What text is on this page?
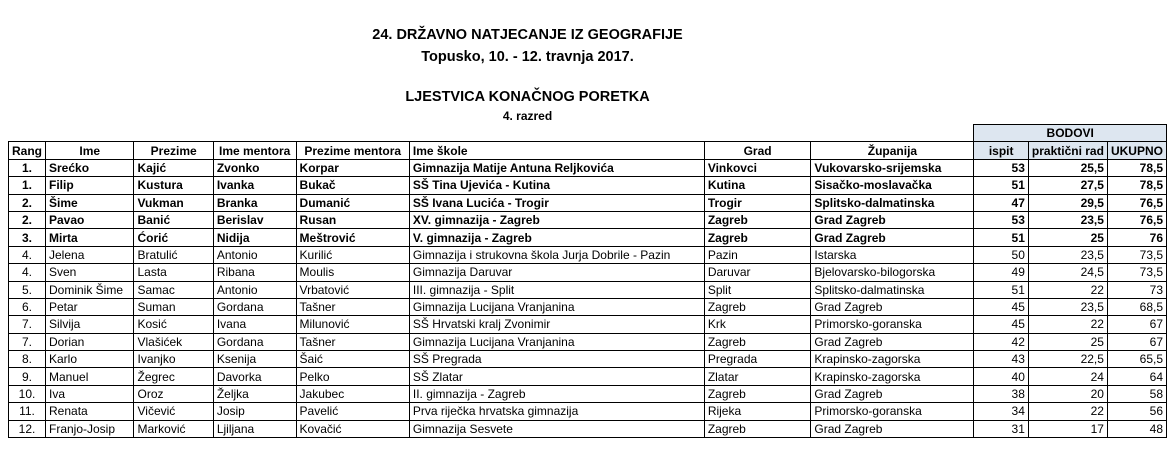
24. DRŽAVNO NATJECANJE IZ GEOGRAFIJE
Topusko, 10. - 12. travnja 2017.
LJESTVICA KONAČNOG PORETKA
4. razred
								BODOVI		
Rang	Ime	Prezime	Ime mentora	Prezime mentora	Ime škole	Grad	Županija	ispit	praktični rad	UKUPNO
1.	Srećko	Kajić	Zvonko	Korpar	Gimnazija Matije Antuna Reljkovića	Vinkovci	Vukovarsko-srijemska	53	25,5	78,5
1.	Filip	Kustura	Ivanka	Bukač	SŠ Tina Ujevića - Kutina	Kutina	Sisačko-moslavačka	51	27,5	78,5
2.	Šime	Vukman	Branka	Dumanić	SŠ Ivana Lucića - Trogir	Trogir	Splitsko-dalmatinska	47	29,5	76,5
2.	Pavao	Banić	Berislav	Rusan	XV. gimnazija - Zagreb	Zagreb	Grad Zagreb	53	23,5	76,5
3.	Mirta	Ćorić	Nidija	Meštrović	V. gimnazija - Zagreb	Zagreb	Grad Zagreb	51	25	76
4.	Jelena	Bratulić	Antonio	Kurilić	Gimnazija i strukovna škola Jurja Dobrile - Pazin	Pazin	Istarska	50	23,5	73,5
4.	Sven	Lasta	Ribana	Moulis	Gimnazija Daruvar	Daruvar	Bjelovarsko-bilogorska	49	24,5	73,5
5.	Dominik Šime	Samac	Antonio	Vrbatović	III. gimnazija - Split	Split	Splitsko-dalmatinska	51	22	73
6.	Petar	Suman	Gordana	Tašner	Gimnazija Lucijana Vranjanina	Zagreb	Grad Zagreb	45	23,5	68,5
7.	Silvija	Kosić	Ivana	Milunović	SŠ Hrvatski kralj Zvonimir	Krk	Primorsko-goranska	45	22	67
7.	Dorian	Vlašićek	Gordana	Tašner	Gimnazija Lucijana Vranjanina	Zagreb	Grad Zagreb	42	25	67
8.	Karlo	Ivanjko	Ksenija	Šaić	SŠ Pregrada	Pregrada	Krapinsko-zagorska	43	22,5	65,5
9.	Manuel	Žegrec	Davorka	Pelko	SŠ Zlatar	Zlatar	Krapinsko-zagorska	40	24	64
10.	Iva	Oroz	Željka	Jakubec	II. gimnazija - Zagreb	Zagreb	Grad Zagreb	38	20	58
11.	Renata	Vičević	Josip	Pavelić	Prva riječka hrvatska gimnazija	Rijeka	Primorsko-goranska	34	22	56
12.	Franjo-Josip	Marković	Ljiljana	Kovačić	Gimnazija Sesvete	Zagreb	Grad Zagreb	31	17	48
